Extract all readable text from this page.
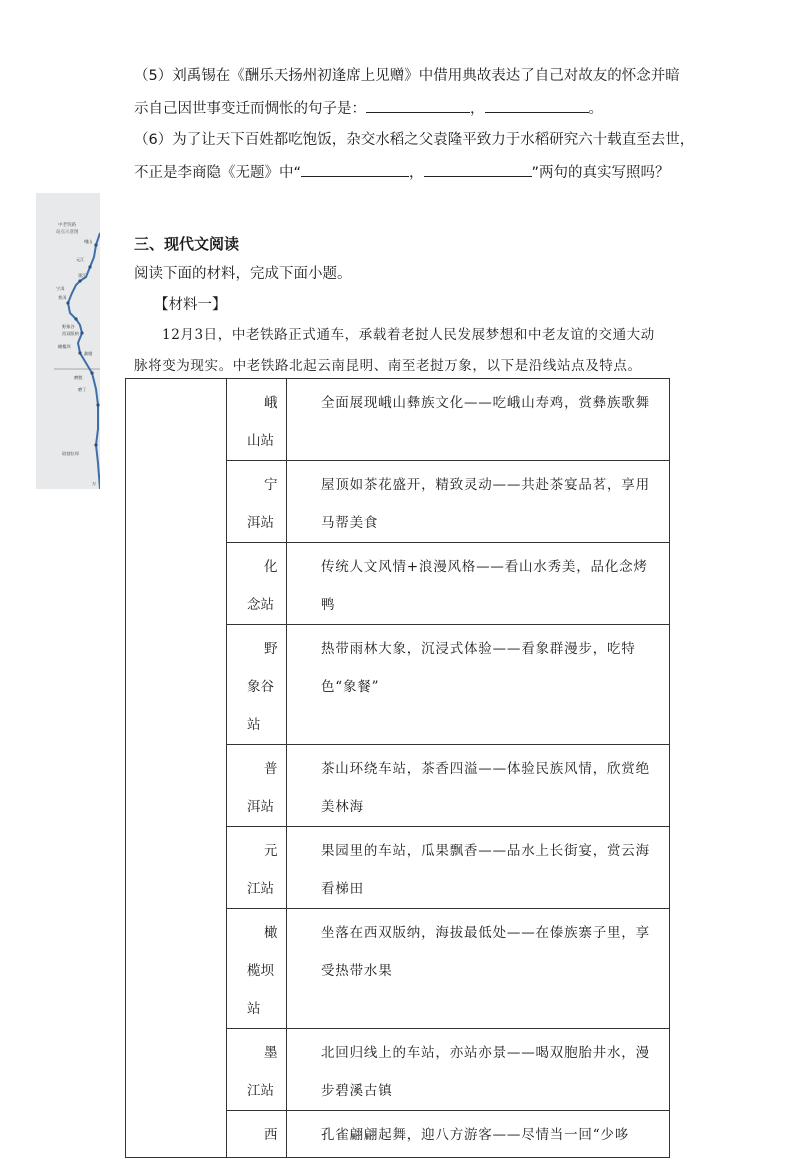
（5）刘禹锡在《酬乐天扬州初逢席上见赠》中借用典故表达了自己对故友的怀念并暗
示自己因世事变迁而惆怅的句子是：	，	。
（6）为了让天下百姓都吃饱饭，杂交水稻之父袁隆平致力于水稻研究六十载直至去世，
不正是李商隐《无题》中“	，	”两句的真实写照吗？
三、现代文阅读
阅读下面的材料，完成下面小题。
【材料一】
12月3日，中老铁路正式通车，承载着老挝人民发展梦想和中老友谊的交通大动
脉将变为现实。中老铁路北起云南昆明、南至老挝万象，以下是沿线站点及特点。

	峨
山站	全面展现峨山彝族文化——吃峨山寿鸡，赏彝族歌舞

	宁
洱站	屋顶如茶花盛开，精致灵动——共赴茶宴品茗，享用马帮美食

	化
念站	传统人文风情+浪漫风格——看山水秀美，品化念烤鸭

	野
象谷站	热带雨林大象，沉浸式体验——看象群漫步，吃特色“象餐”

	普
洱站	茶山环绕车站，茶香四溢——体验民族风情，欣赏绝美林海

	元
江站	果园里的车站，瓜果飘香——品水上长街宴，赏云海看梯田

	橄
榄坝站	坐落在西双版纳，海拔最低处——在傣族寨子里，享受热带水果

	墨
江站	北回归线上的车站，亦站亦景——喝双胞胎井水，漫步碧溪古镇

	西	孔雀翩翩起舞，迎八方游客——尽情当一回“少哆
中老铁路
站点示意图
峨山
元江
墨江
宁洱
普洱
野象谷
西双版纳
橄榄坝
勐腊
磨憨
磨丁
琅勃拉邦
万
